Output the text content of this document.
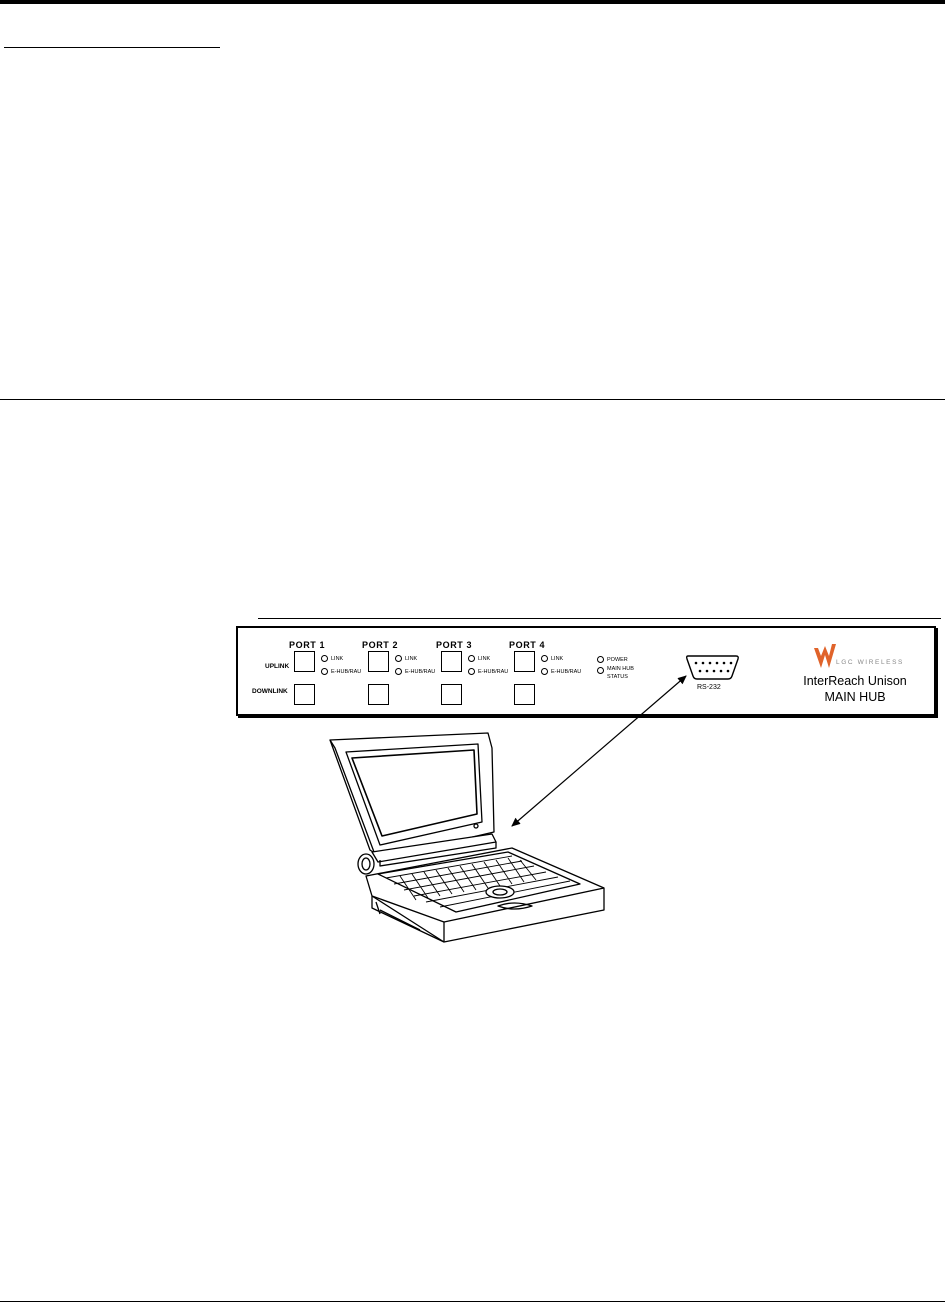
PORT 1	PORT 2	PORT 3	PORT 4
UPLINK
DOWNLINK
LINK
E-HUB/RAU
LINK
E-HUB/RAU
LINK
E-HUB/RAU
LINK
E-HUB/RAU
POWER
MAIN HUB
STATUS
RS-232
LGC WIRELESS
InterReach Unison
MAIN HUB
